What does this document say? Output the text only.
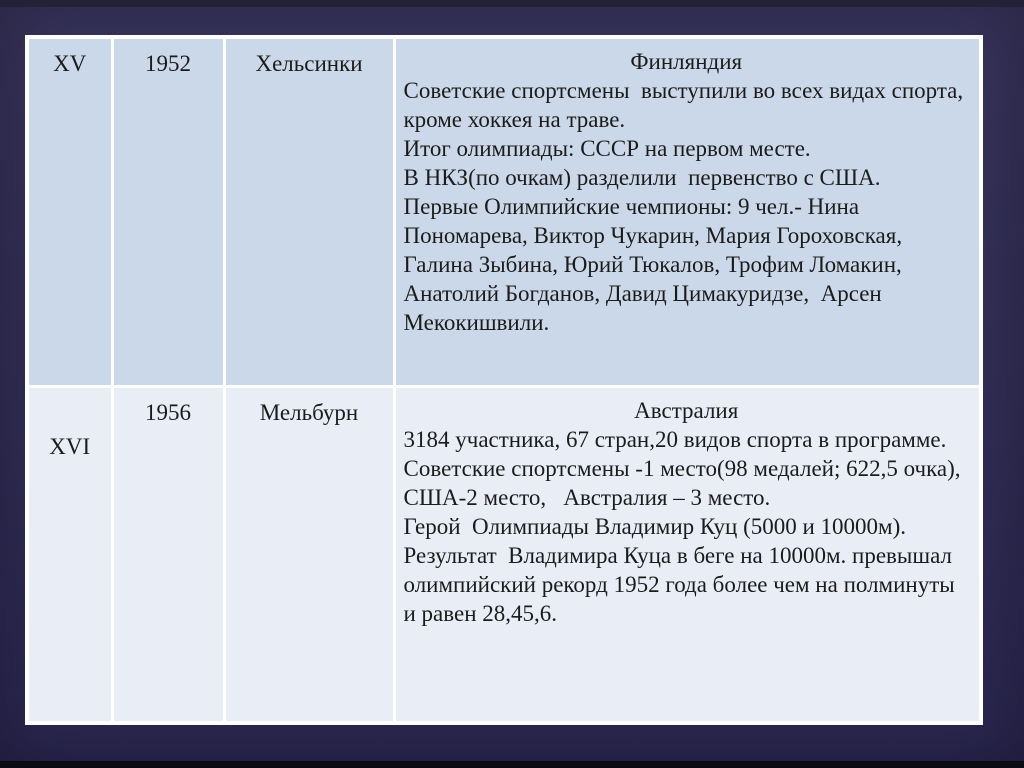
XV	1952	Хельсинки	Финляндия

Советские спортсмены  выступили во всех видах спорта, кроме хоккея на траве.

Итог олимпиады: СССР на первом месте.

В НКЗ(по очкам) разделили  первенство с США.

Первые Олимпийские чемпионы: 9 чел.- Нина Пономарева, Виктор Чукарин, Мария Гороховская, Галина Зыбина, Юрий Тюкалов, Трофим Ломакин, Анатолий Богданов, Давид Цимакуридзе,  Арсен Мекокишвили.

XVI	1956	Мельбурн	Австралия

3184 участника, 67 стран,20 видов спорта в программе. Советские спортсмены -1 место(98 медалей; 622,5 очка), США-2 место,   Австралия – 3 место.

Герой  Олимпиады Владимир Куц (5000 и 10000м).

Результат  Владимира Куца в беге на 10000м. превышал олимпийский рекорд 1952 года более чем на полминуты и равен 28,45,6.
